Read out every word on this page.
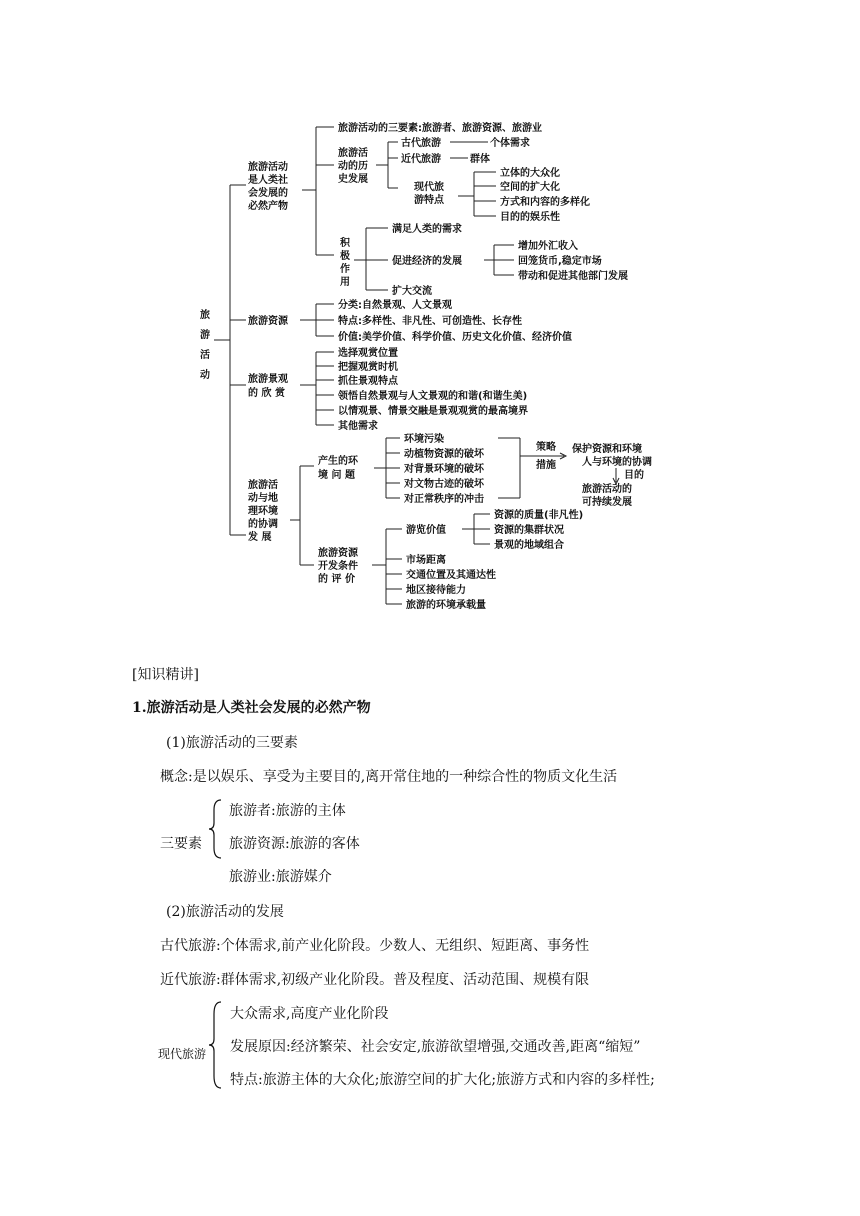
旅
游
活
动
旅游活动
是人类社
会发展的
必然产物
旅游活动的三要素:旅游者、旅游资源、旅游业
旅游活
动的历
史发展
古代旅游	个体需求
近代旅游	群体
现代旅
游特点
立体的大众化
空间的扩大化
方式和内容的多样化
目的的娱乐性
积
极
作
用
满足人类的需求
促进经济的发展
扩大交流
增加外汇收入
回笼货币,稳定市场
带动和促进其他部门发展
旅游资源
分类:自然景观、人文景观
特点:多样性、非凡性、可创造性、长存性
价值:美学价值、科学价值、历史文化价值、经济价值
旅游景观
的 欣 赏
选择观赏位置
把握观赏时机
抓住景观特点
领悟自然景观与人文景观的和谐(和谐生美)
以情观景、情景交融是景观观赏的最高境界
其他需求
旅游活
动与地
理环境
的协调
发 展
产生的环
境 问 题
环境污染
动植物资源的破坏
对背景环境的破坏
对文物古迹的破坏
对正常秩序的冲击
策略
措施
保护资源和环境
人与环境的协调
目的
旅游活动的
可持续发展
旅游资源
开发条件
的 评 价
游览价值
资源的质量(非凡性)
资源的集群状况
景观的地域组合
市场距离
交通位置及其通达性
地区接待能力
旅游的环境承载量
[知识精讲]
1.旅游活动是人类社会发展的必然产物
(1)旅游活动的三要素
概念:是以娱乐、享受为主要目的,离开常住地的一种综合性的物质文化生活
三要素
旅游者:旅游的主体
旅游资源:旅游的客体
旅游业:旅游媒介
(2)旅游活动的发展
古代旅游:个体需求,前产业化阶段。少数人、无组织、短距离、事务性
近代旅游:群体需求,初级产业化阶段。普及程度、活动范围、规模有限
现代旅游
大众需求,高度产业化阶段
发展原因:经济繁荣、社会安定,旅游欲望增强,交通改善,距离“缩短”
特点:旅游主体的大众化;旅游空间的扩大化;旅游方式和内容的多样性;
